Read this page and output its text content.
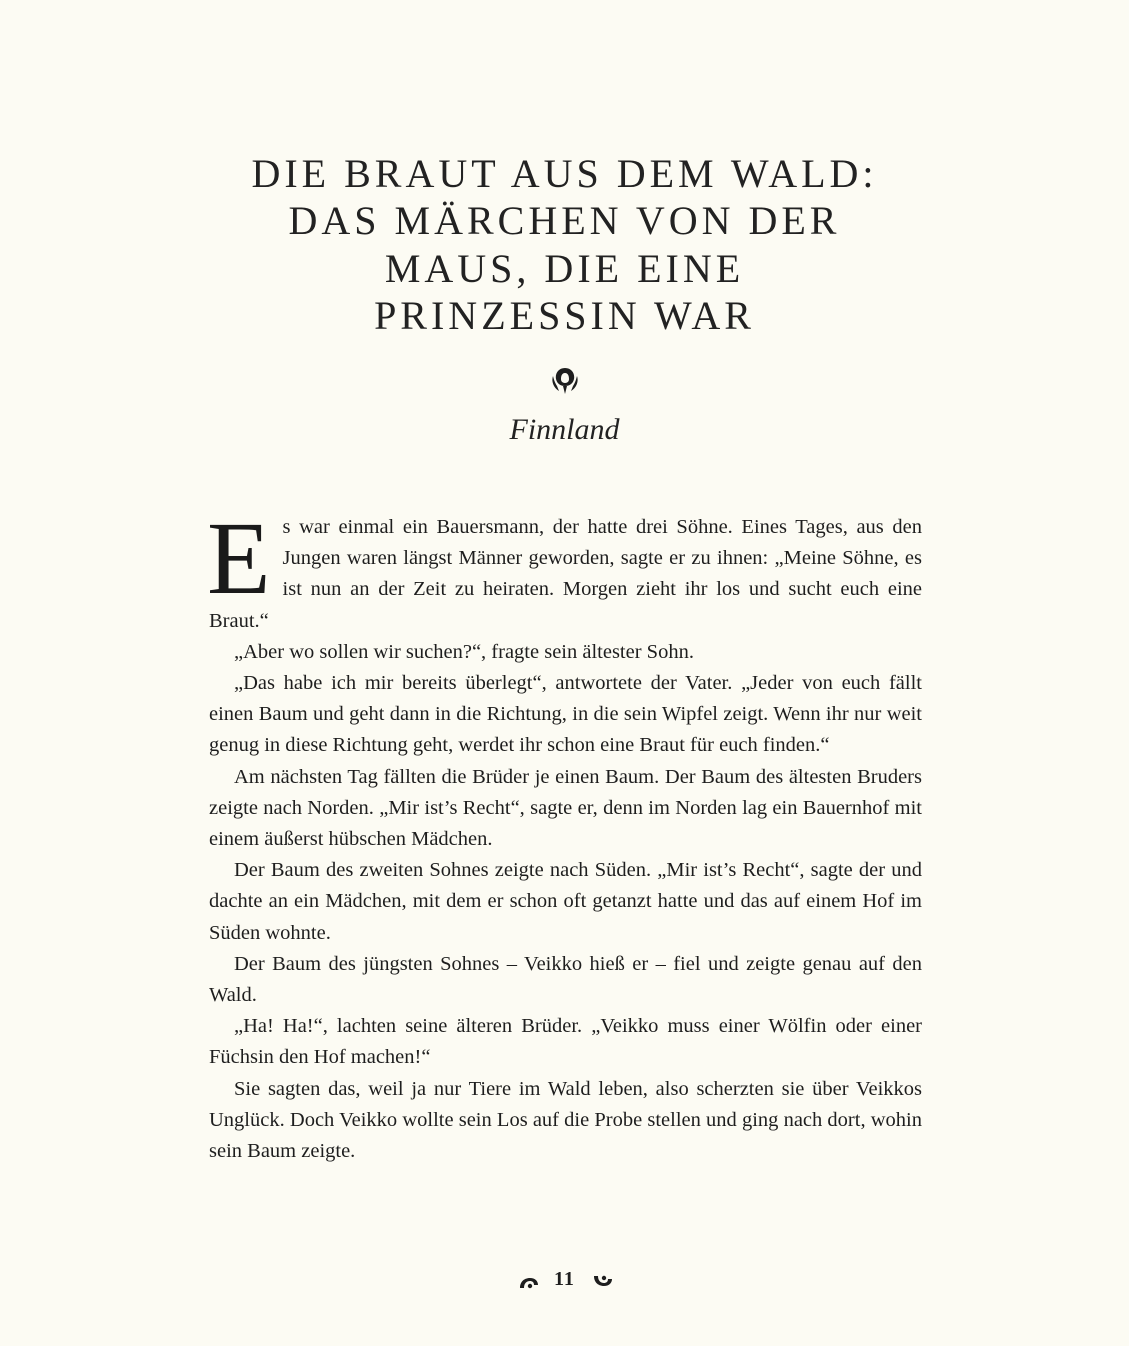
DIE BRAUT AUS DEM WALD:
DAS MÄRCHEN VON DER
MAUS, DIE EINE
PRINZESSIN WAR
Finnland

Es war einmal ein Bauersmann, der hatte drei Söhne. Eines Tages, aus den Jungen waren längst Männer geworden, sagte er zu ihnen: „Meine Söhne, es ist nun an der Zeit zu heiraten. Morgen zieht ihr los und sucht euch eine Braut.“

„Aber wo sollen wir suchen?“, fragte sein ältester Sohn.

„Das habe ich mir bereits überlegt“, antwortete der Vater. „Jeder von euch fällt einen Baum und geht dann in die Richtung, in die sein Wipfel zeigt. Wenn ihr nur weit genug in diese Richtung geht, werdet ihr schon eine Braut für euch finden.“

Am nächsten Tag fällten die Brüder je einen Baum. Der Baum des ältesten Bruders zeigte nach Norden. „Mir ist’s Recht“, sagte er, denn im Norden lag ein Bauernhof mit einem äußerst hübschen Mädchen.

Der Baum des zweiten Sohnes zeigte nach Süden. „Mir ist’s Recht“, sagte der und dachte an ein Mädchen, mit dem er schon oft getanzt hatte und das auf einem Hof im Süden wohnte.

Der Baum des jüngsten Sohnes – Veikko hieß er – fiel und zeigte genau auf den Wald.

„Ha! Ha!“, lachten seine älteren Brüder. „Veikko muss einer Wölfin oder einer Füchsin den Hof machen!“

Sie sagten das, weil ja nur Tiere im Wald leben, also scherzten sie über Veikkos Unglück. Doch Veikko wollte sein Los auf die Probe stellen und ging nach dort, wohin sein Baum zeigte.

11
